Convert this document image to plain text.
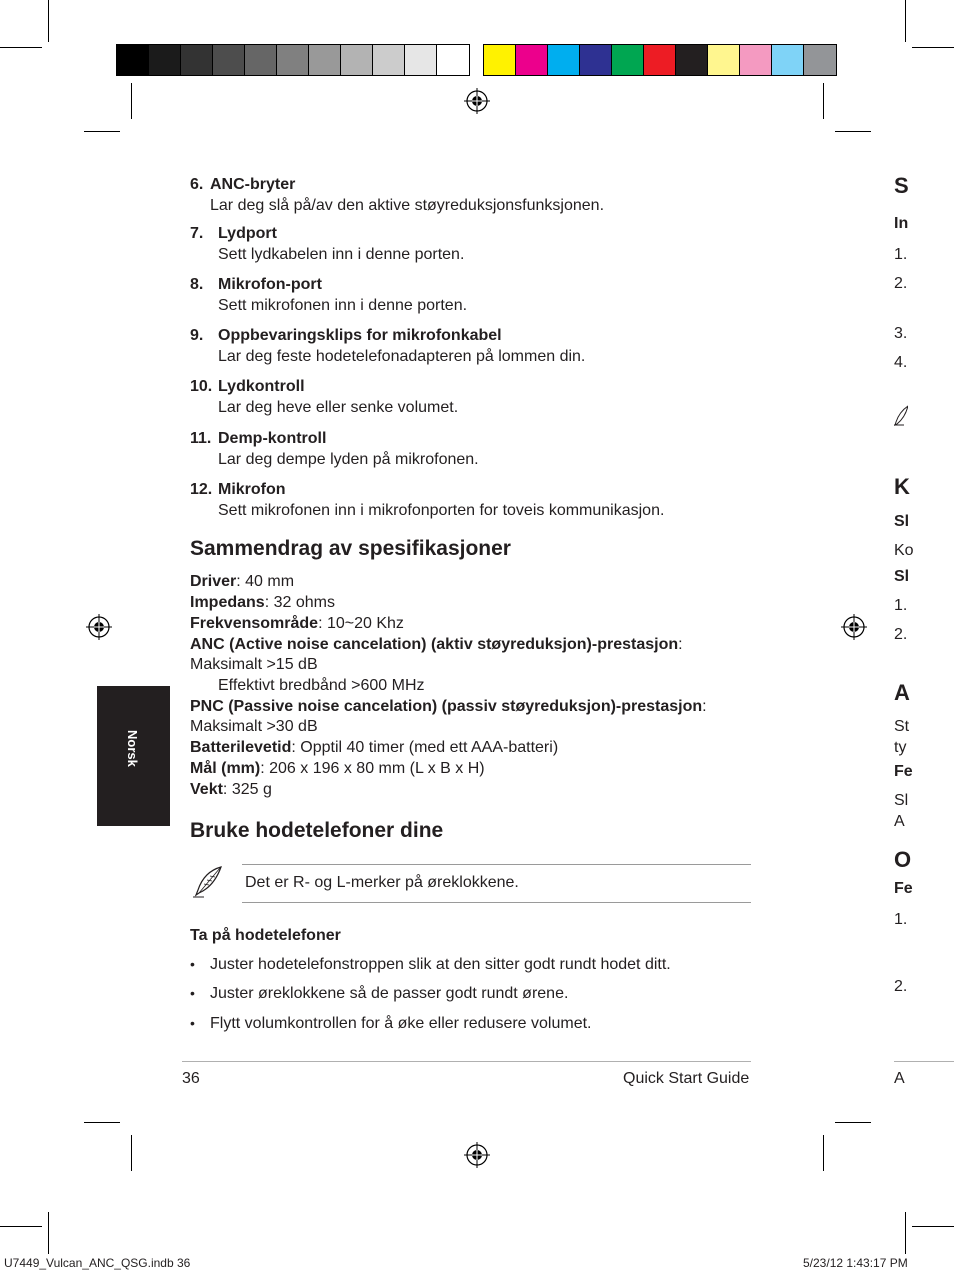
6. ANC-bryter
Lar deg slå på/av den aktive støyreduksjonsfunksjonen.
7. Lydport
Sett lydkabelen inn i denne porten.
8. Mikrofon-port
Sett mikrofonen inn i denne porten.
9. Oppbevaringsklips for mikrofonkabel
Lar deg feste hodetelefonadapteren på lommen din.
10. Lydkontroll
Lar deg heve eller senke volumet.
11. Demp-kontroll
Lar deg dempe lyden på mikrofonen.
12. Mikrofon
Sett mikrofonen inn i mikrofonporten for toveis kommunikasjon.
Sammendrag av spesifikasjoner
Driver: 40 mm
Impedans: 32 ohms
Frekvensområde: 10~20 Khz
ANC (Active noise cancelation) (aktiv støyreduksjon)-prestasjon:
Maksimalt >15 dB
Effektivt bredbånd >600 MHz
PNC (Passive noise cancelation) (passiv støyreduksjon)-prestasjon:
Maksimalt >30 dB
Batterilevetid: Opptil 40 timer (med ett AAA-batteri)
Mål (mm): 206 x 196 x 80 mm (L x B x H)
Vekt: 325 g
Norsk
Bruke hodetelefoner dine
Det er R- og L-merker på øreklokkene.
Ta på hodetelefoner
• Juster hodetelefonstroppen slik at den sitter godt rundt hodet ditt.
• Juster øreklokkene så de passer godt rundt ørene.
• Flytt volumkontrollen for å øke eller redusere volumet.
36	Quick Start Guide
U7449_Vulcan_ANC_QSG.indb 36	5/23/12 1:43:17 PM
S
In
1.
2.
3.
4.
K
Sl
Ko
Sl
1.
2.
A
St
ty
Fe
Sl
A
O
Fe
1.
2.
A
